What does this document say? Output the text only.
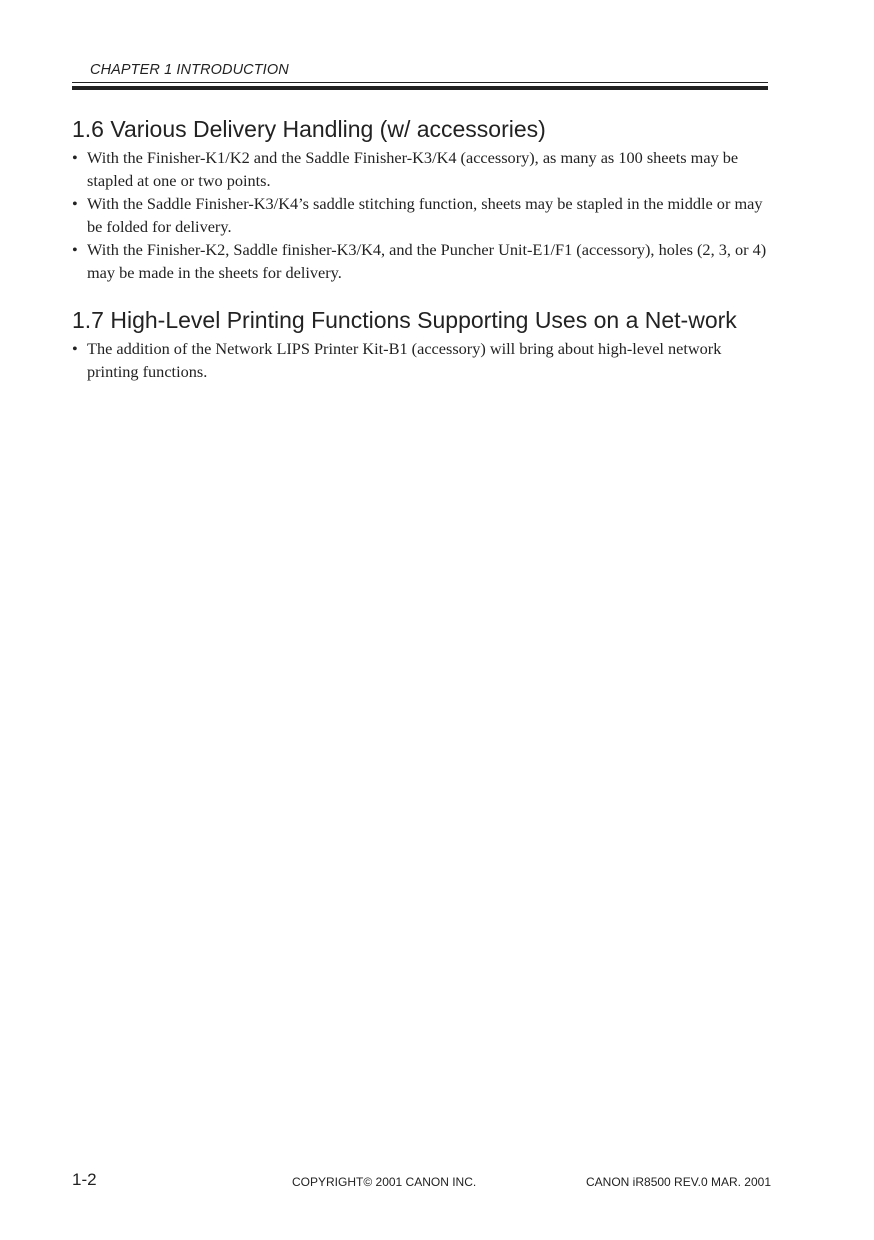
CHAPTER 1 INTRODUCTION
1.6 Various Delivery Handling (w/ accessories)
• With the Finisher-K1/K2 and the Saddle Finisher-K3/K4 (accessory), as many as 100 sheets may be stapled at one or two points.
• With the Saddle Finisher-K3/K4’s saddle stitching function, sheets may be stapled in the middle or may be folded for delivery.
• With the Finisher-K2, Saddle finisher-K3/K4, and the Puncher Unit-E1/F1 (accessory), holes (2, 3, or 4) may be made in the sheets for delivery.
1.7 High-Level Printing Functions Supporting Uses on a Net-work
• The addition of the Network LIPS Printer Kit-B1 (accessory) will bring about high-level network printing functions.
1-2	COPYRIGHT© 2001 CANON INC.	CANON iR8500 REV.0 MAR. 2001
